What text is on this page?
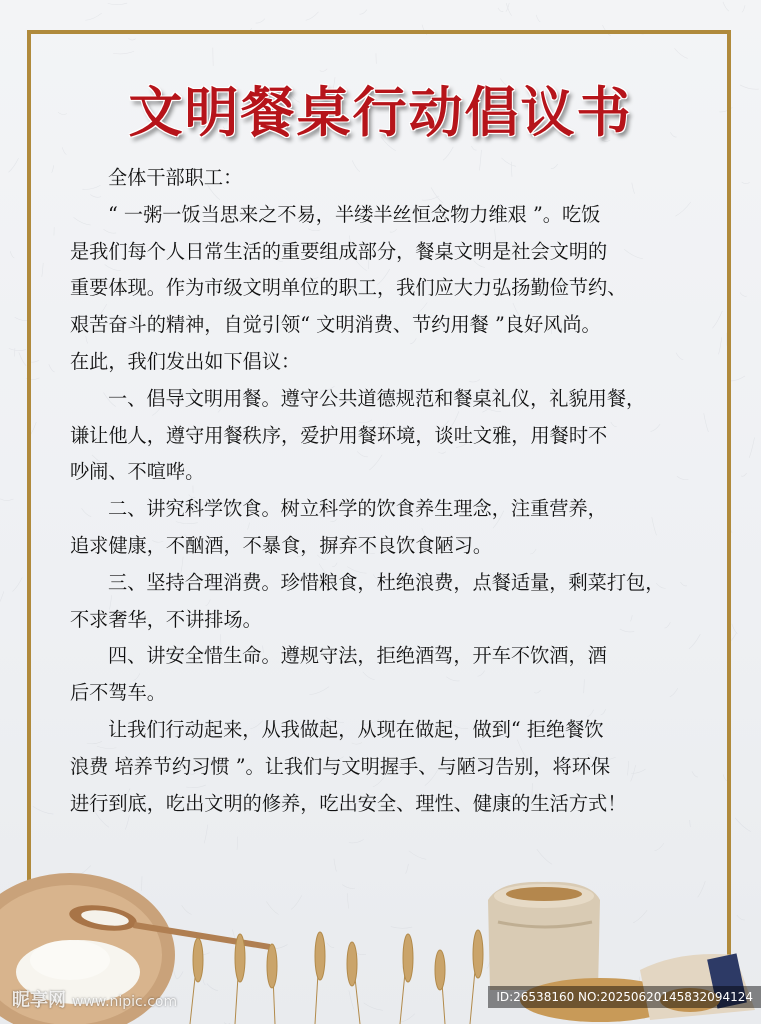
文明餐桌行动倡议书
全体干部职工：
“ 一粥一饭当思来之不易，半缕半丝恒念物力维艰 ”。吃饭
是我们每个人日常生活的重要组成部分，餐桌文明是社会文明的
重要体现。作为市级文明单位的职工，我们应大力弘扬勤俭节约、
艰苦奋斗的精神，自觉引领“ 文明消费、节约用餐 ”良好风尚。
在此，我们发出如下倡议：
一、倡导文明用餐。遵守公共道德规范和餐桌礼仪，礼貌用餐，
谦让他人，遵守用餐秩序，爱护用餐环境，谈吐文雅，用餐时不
吵闹、不喧哗。
二、讲究科学饮食。树立科学的饮食养生理念，注重营养，
追求健康，不酗酒，不暴食，摒弃不良饮食陋习。
三、坚持合理消费。珍惜粮食，杜绝浪费，点餐适量，剩菜打包，
不求奢华，不讲排场。
四、讲安全惜生命。遵规守法，拒绝酒驾，开车不饮酒，酒
后不驾车。
让我们行动起来，从我做起，从现在做起，做到“ 拒绝餐饮
浪费 培养节约习惯 ”。让我们与文明握手、与陋习告别，将环保
进行到底，吃出文明的修养，吃出安全、理性、健康的生活方式！
昵享网 www.nipic.com	ID:26538160 NO:20250620145832094124
